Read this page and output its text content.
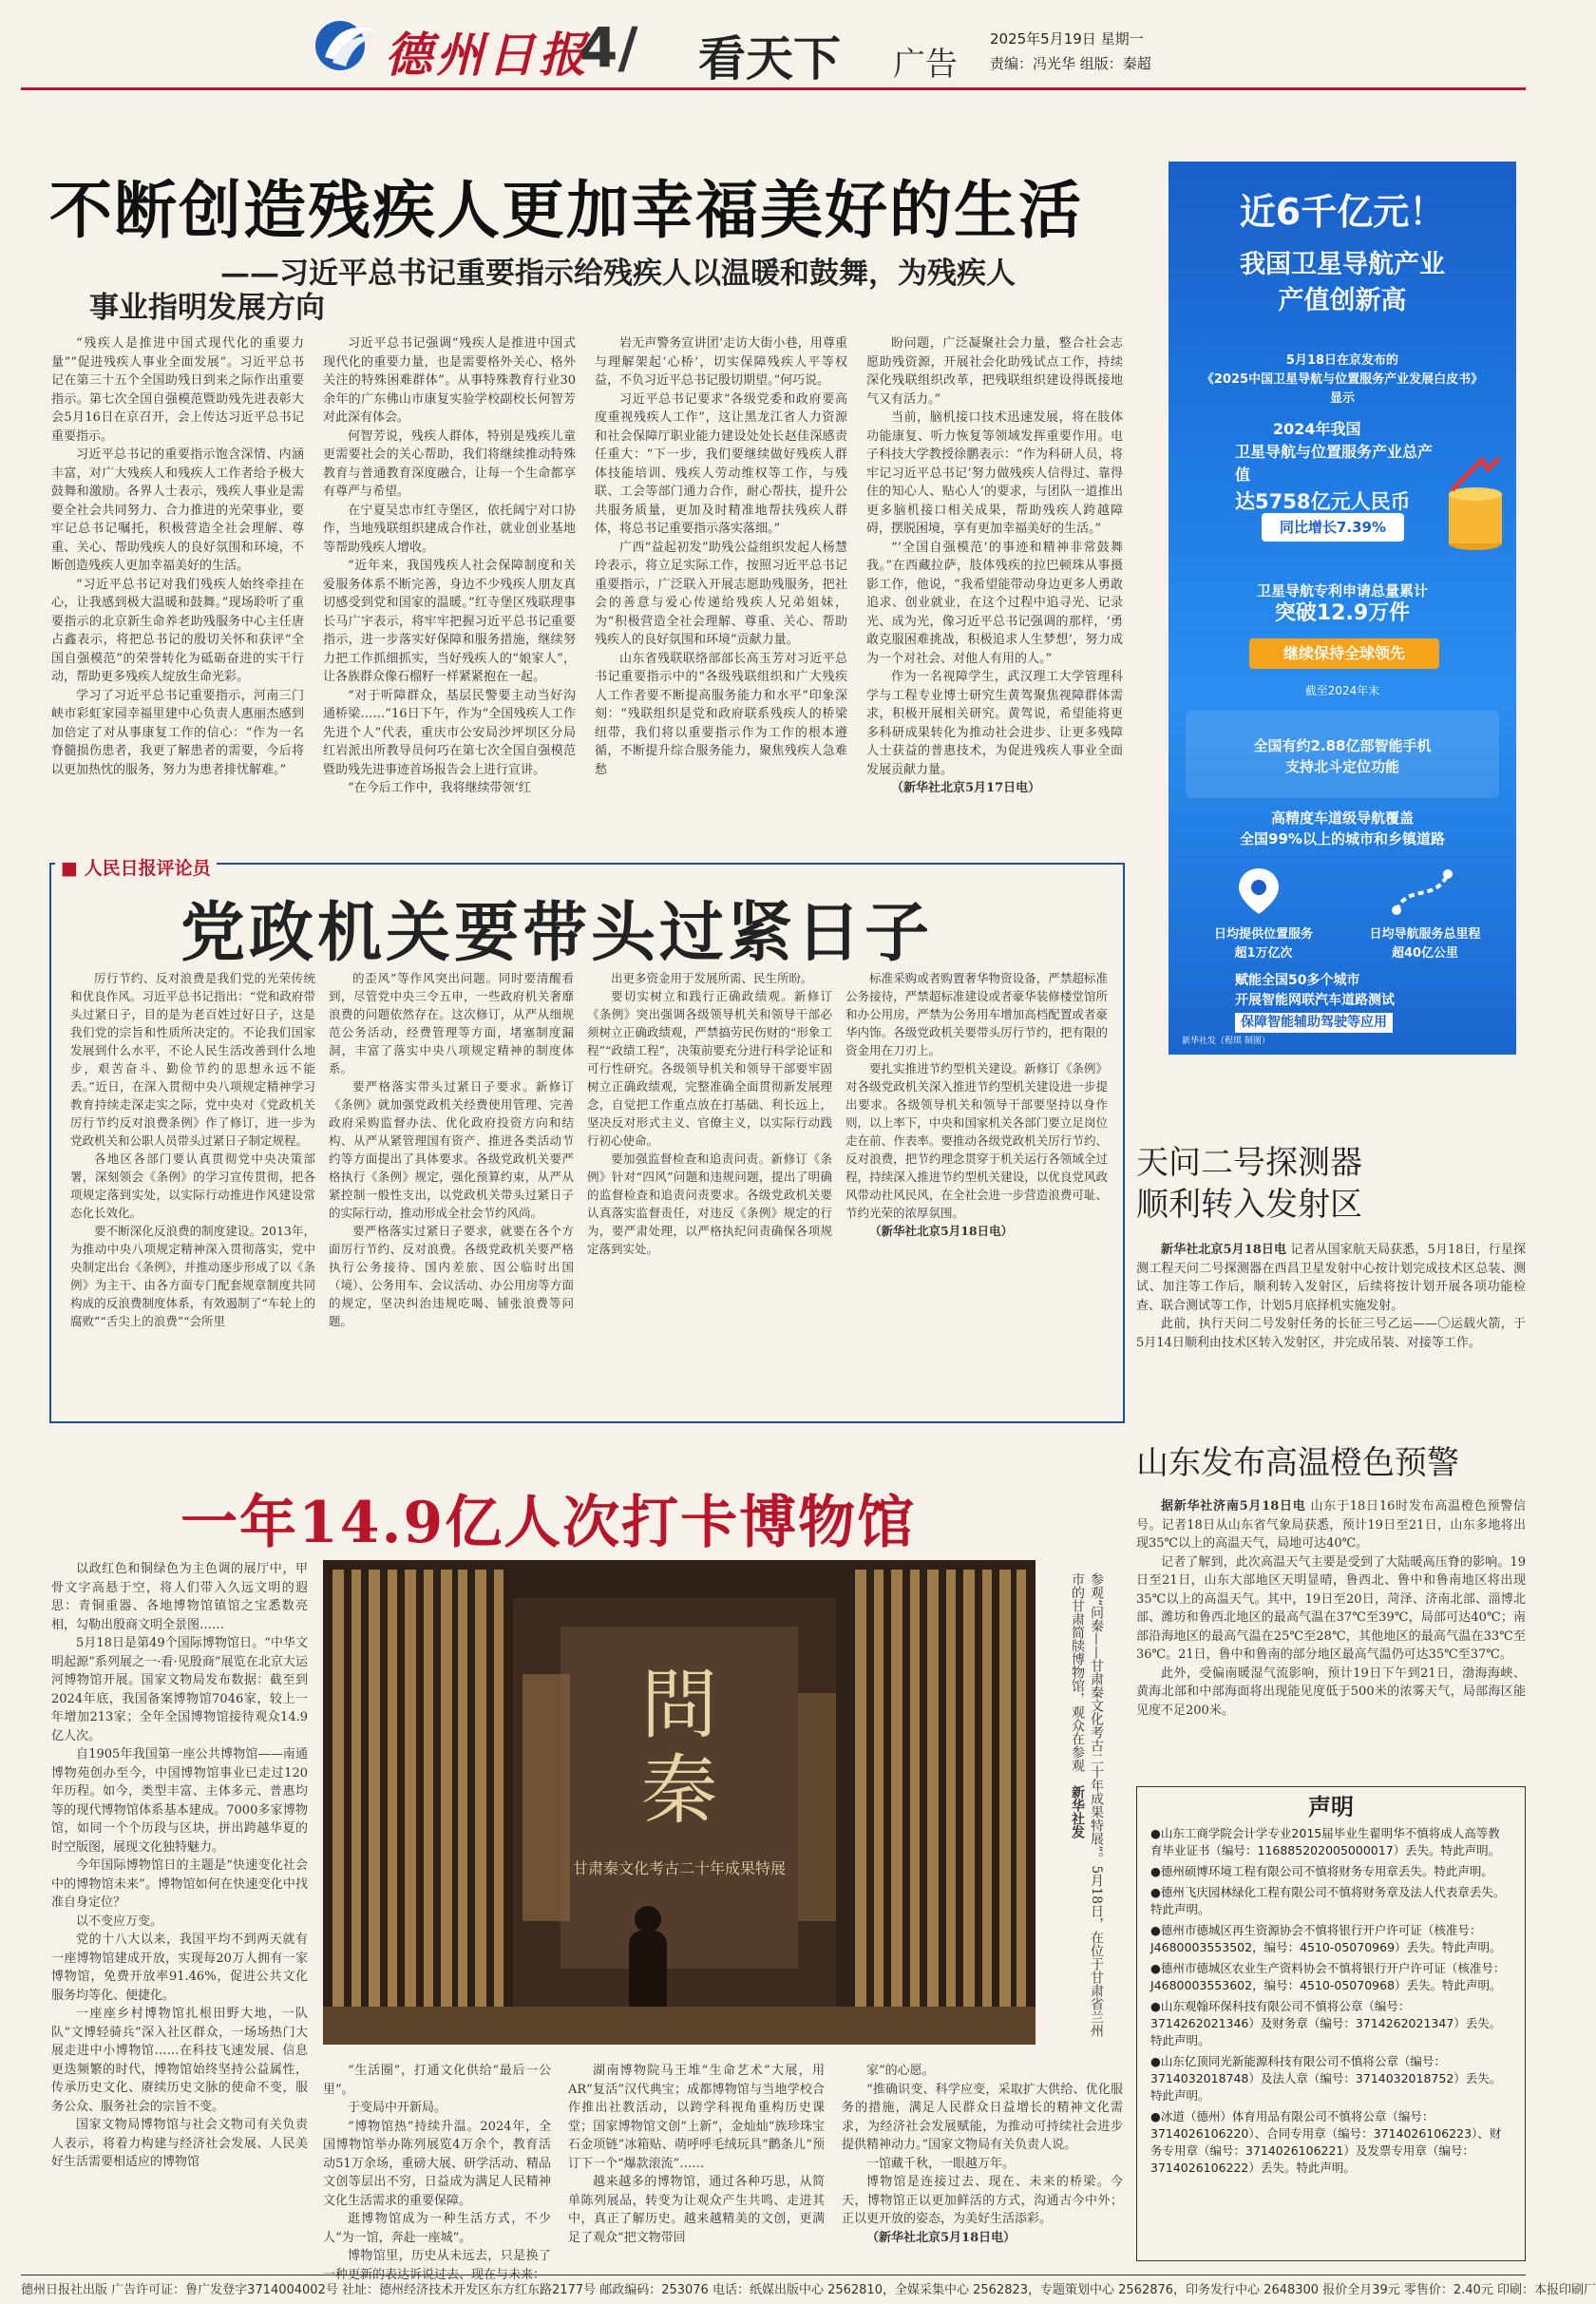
德州日报
4/ 看天下 广告
2025年5月19日 星期一
责编：冯光华 组版：秦超
不断创造残疾人更加幸福美好的生活
——习近平总书记重要指示给残疾人以温暖和鼓舞，为残疾人
事业指明发展方向

“残疾人是推进中国式现代化的重要力量”“促进残疾人事业全面发展”。习近平总书记在第三十五个全国助残日到来之际作出重要指示。第七次全国自强模范暨助残先进表彰大会5月16日在京召开，会上传达习近平总书记重要指示。

习近平总书记的重要指示饱含深情、内涵丰富，对广大残疾人和残疾人工作者给予极大鼓舞和激励。各界人士表示，残疾人事业是需要全社会共同努力、合力推进的光荣事业，要牢记总书记嘱托，积极营造全社会理解、尊重、关心、帮助残疾人的良好氛围和环境，不断创造残疾人更加幸福美好的生活。

“习近平总书记对我们残疾人始终牵挂在心，让我感到极大温暖和鼓舞。”现场聆听了重要指示的北京新生命养老助残服务中心主任唐占鑫表示，将把总书记的殷切关怀和获评“全国自强模范”的荣誉转化为砥砺奋进的实干行动，帮助更多残疾人绽放生命光彩。

学习了习近平总书记重要指示，河南三门峡市彩虹家园幸福里建中心负责人惠丽杰感到加倍定了对从事康复工作的信心：“作为一名脊髓损伤患者，我更了解患者的需要，今后将以更加热忱的服务，努力为患者排忧解难。”

习近平总书记强调“残疾人是推进中国式现代化的重要力量，也是需要格外关心、格外关注的特殊困难群体”。从事特殊教育行业30余年的广东佛山市康复实验学校副校长何智芳对此深有体会。

何智芳说，残疾人群体，特别是残疾儿童更需要社会的关心帮助，我们将继续推动特殊教育与普通教育深度融合，让每一个生命都享有尊严与希望。

在宁夏吴忠市红寺堡区，依托阔宁对口协作，当地残联组织建成合作社，就业创业基地等帮助残疾人增收。

“近年来，我国残疾人社会保障制度和关爱服务体系不断完善，身边不少残疾人朋友真切感受到党和国家的温暖。”红寺堡区残联理事长马广宇表示，将牢牢把握习近平总书记重要指示，进一步落实好保障和服务措施，继续努力把工作抓细抓实，当好残疾人的“娘家人”，让各族群众像石榴籽一样紧紧抱在一起。

“对于听障群众，基层民警要主动当好沟通桥梁……”16日下午，作为“全国残疾人工作先进个人”代表，重庆市公安局沙坪坝区分局红岩派出所教导员何巧在第七次全国自强模范暨助残先进事迹首场报告会上进行宣讲。

“在今后工作中，我将继续带领‘红

岩无声警务宣讲团’走访大街小巷，用尊重与理解架起‘心桥’，切实保障残疾人平等权益，不负习近平总书记殷切期望。”何巧说。

习近平总书记要求“各级党委和政府要高度重视残疾人工作”，这让黑龙江省人力资源和社会保障厅职业能力建设处处长赵佳深感责任重大：“下一步，我们要继续做好残疾人群体技能培训、残疾人劳动维权等工作，与残联、工会等部门通力合作，耐心帮扶，提升公共服务质量，更加及时精准地帮扶残疾人群体，将总书记重要指示落实落细。”

广西“益起初发”助残公益组织发起人杨慧玲表示，将立足实际工作，按照习近平总书记重要指示，广泛联入开展志愿助残服务，把社会的善意与爱心传递给残疾人兄弟姐妹，为“积极营造全社会理解、尊重、关心、帮助残疾人的良好氛围和环境”贡献力量。

山东省残联联络部部长高玉芳对习近平总书记重要指示中的“各级残联组织和广大残疾人工作者要不断提高服务能力和水平”印象深刻：“残联组织是党和政府联系残疾人的桥梁纽带，我们将以重要指示作为工作的根本遵循，不断提升综合服务能力，聚焦残疾人急难愁

盼问题，广泛凝聚社会力量，整合社会志愿助残资源，开展社会化助残试点工作，持续深化残联组织改革，把残联组织建设得既接地气又有活力。”

当前，脑机接口技术迅速发展，将在肢体功能康复、听力恢复等领域发挥重要作用。电子科技大学教授徐鹏表示：“作为科研人员，将牢记习近平总书记‘努力做残疾人信得过、靠得住的知心人、贴心人’的要求，与团队一道推出更多脑机接口相关成果，帮助残疾人跨越障碍，摆脱困境，享有更加幸福美好的生活。”

“‘全国自强模范’的事迹和精神非常鼓舞我。”在西藏拉萨，肢体残疾的拉巴顿珠从事摄影工作，他说，“我希望能带动身边更多人勇敢追求、创业就业，在这个过程中追寻光、记录光、成为光，像习近平总书记强调的那样，‘勇敢克服困难挑战，积极追求人生梦想’，努力成为一个对社会、对他人有用的人。”

作为一名视障学生，武汉理工大学管理科学与工程专业博士研究生黄驾聚焦视障群体需求，积极开展相关研究。黄驾说，希望能将更多科研成果转化为推动社会进步、让更多残障人士获益的普惠技术，为促进残疾人事业全面发展贡献力量。

（新华社北京5月17日电）

■ 人民日报评论员
党政机关要带头过紧日子

厉行节约、反对浪费是我们党的光荣传统和优良作风。习近平总书记指出：“党和政府带头过紧日子，目的是为老百姓过好日子，这是我们党的宗旨和性质所决定的。不论我们国家发展到什么水平，不论人民生活改善到什么地步，艰苦奋斗、勤俭节约的思想永远不能丢。”近日，在深入贯彻中央八项规定精神学习教育持续走深走实之际，党中央对《党政机关厉行节约反对浪费条例》作了修订，进一步为党政机关和公职人员带头过紧日子制定规程。

各地区各部门要认真贯彻党中央决策部署，深刻领会《条例》的学习宣传贯彻，把各项规定落到实处，以实际行动推进作风建设常态化长效化。

要不断深化反浪费的制度建设。2013年，为推动中央八项规定精神深入贯彻落实，党中央制定出台《条例》，并推动逐步形成了以《条例》为主干、由各方面专门配套规章制度共同构成的反浪费制度体系，有效遏制了“车轮上的腐败”“舌尖上的浪费”“会所里

的歪风”等作风突出问题。同时要清醒看到，尽管党中央三令五申，一些政府机关奢靡浪费的问题依然存在。这次修订，从严从细规范公务活动，经费管理等方面，堵塞制度漏洞，丰富了落实中央八项规定精神的制度体系。

要严格落实带头过紧日子要求。新修订《条例》就加强党政机关经费使用管理、完善政府采购监督办法、优化政府投资方向和结构、从严从紧管理国有资产、推进各类活动节约等方面提出了具体要求。各级党政机关要严格执行《条例》规定，强化预算约束，从严从紧控制一般性支出，以党政机关带头过紧日子的实际行动，推动形成全社会节约风尚。

要严格落实过紧日子要求，就要在各个方面厉行节约、反对浪费。各级党政机关要严格执行公务接待、国内差旅、因公临时出国（境）、公务用车、会议活动、办公用房等方面的规定，坚决纠治违规吃喝、铺张浪费等问题。

出更多资金用于发展所需、民生所盼。

要切实树立和践行正确政绩观。新修订《条例》突出强调各级领导机关和领导干部必须树立正确政绩观，严禁搞劳民伤财的“形象工程”“政绩工程”，决策前要充分进行科学论证和可行性研究。各级领导机关和领导干部要牢固树立正确政绩观，完整准确全面贯彻新发展理念，自觉把工作重点放在打基础、利长远上，坚决反对形式主义、官僚主义，以实际行动践行初心使命。

要加强监督检查和追责问责。新修订《条例》针对“四风”问题和违规问题，提出了明确的监督检查和追责问责要求。各级党政机关要认真落实监督责任，对违反《条例》规定的行为，要严肃处理，以严格执纪问责确保各项规定落到实处。

标准采购或者购置奢华物资设备，严禁超标准公务接待，严禁超标准建设或者豪华装修楼堂馆所和办公用房，严禁为公务用车增加高档配置或者豪华内饰。各级党政机关要带头厉行节约，把有限的资金用在刀刃上。

要扎实推进节约型机关建设。新修订《条例》对各级党政机关深入推进节约型机关建设进一步提出要求。各级领导机关和领导干部要坚持以身作则，以上率下，中央和国家机关各部门要立足岗位走在前、作表率。要推动各级党政机关厉行节约、反对浪费，把节约理念贯穿于机关运行各领域全过程，持续深入推进节约型机关建设，以优良党风政风带动社风民风，在全社会进一步营造浪费可耻、节约光荣的浓厚氛围。

（新华社北京5月18日电）

一年14.9亿人次打卡博物馆

以政红色和铜绿色为主色调的展厅中，甲骨文字高悬于空，将人们带入久远文明的遐思：青铜重器、各地博物馆镇馆之宝悉数亮相，勾勒出殷商文明全景图……

5月18日是第49个国际博物馆日。“中华文明起源”系列展之一·看·见殷商”展览在北京大运河博物馆开展。国家文物局发布数据：截至到2024年底，我国备案博物馆7046家，较上一年增加213家；全年全国博物馆接待观众14.9亿人次。

自1905年我国第一座公共博物馆——南通博物苑创办至今，中国博物馆事业已走过120年历程。如今，类型丰富、主体多元、普惠均等的现代博物馆体系基本建成。7000多家博物馆，如同一个个历段与区块，拼出跨越华夏的时空版图，展现文化独特魅力。

今年国际博物馆日的主题是“快速变化社会中的博物馆未来”。博物馆如何在快速变化中找准自身定位？

以不变应万变。

党的十八大以来，我国平均不到两天就有一座博物馆建成开放，实现每20万人拥有一家博物馆，免费开放率91.46%，促进公共文化服务均等化、便捷化。

一座座乡村博物馆扎根田野大地，一队队“文博轻骑兵”深入社区群众，一场场热门大展走进中小博物馆……在科技飞速发展、信息更迭频繁的时代，博物馆始终坚持公益属性，传承历史文化、赓续历史文脉的使命不变，服务公众、服务社会的宗旨不变。

国家文物局博物馆与社会文物司有关负责人表示，将着力构建与经济社会发展、人民美好生活需要相适应的博物馆

問
秦
甘肃秦文化考古二十年成果特展	参观“问秦——甘肃秦文化考古二十年成果特展”。5月18日，在位于甘肃省兰州市的甘肃简牍博物馆，观众在参观　新华社发

“生活圈”，打通文化供给“最后一公里”。

于变局中开新局。

“博物馆热”持续升温。2024年，全国博物馆举办陈列展览4万余个，教育活动51万余场，重磅大展、研学活动、精品文创等层出不穷，日益成为满足人民精神文化生活需求的重要保障。

逛博物馆成为一种生活方式，不少人“为一馆，奔赴一座城”。

博物馆里，历史从未远去，只是换了一种更新的表达诉说过去、现在与未来：

湖南博物院马王堆“生命艺术”大展，用AR“复活”汉代典宝；成都博物馆与当地学校合作推出社教活动，以跨学科视角重构历史课堂；国家博物馆文创“上新”，金灿灿“族珍珠宝石金项链”冰箱贴、萌呼呼毛绒玩具“鹳条儿”预订下一个“爆款滚流”……

越来越多的博物馆，通过各种巧思，从简单陈列展品，转变为让观众产生共鸣、走进其中，真正了解历史。越来越精美的文创，更满足了观众“把文物带回

家”的心愿。

“推确识变、科学应变，采取扩大供给、优化服务的措施，满足人民群众日益增长的精神文化需求，为经济社会发展赋能，为推动可持续社会进步提供精神动力。”国家文物局有关负责人说。

一馆藏千秋，一眼越万年。

博物馆是连接过去、现在、未来的桥梁。今天，博物馆正以更加鲜活的方式，沟通古今中外；正以更开放的姿态，为美好生活添彩。

（新华社北京5月18日电）

近6千亿元！
我国卫星导航产业
产值创新高
5月18日在京发布的
《2025中国卫星导航与位置服务产业发展白皮书》
显示
2024年我国
卫星导航与位置服务产业总产值
达5758亿元人民币
同比增长7.39%
卫星导航专利申请总量累计
突破12.9万件
继续保持全球领先
截至2024年末
全国有约2.88亿部智能手机
支持北斗定位功能
高精度车道级导航覆盖
全国99%以上的城市和乡镇道路
日均提供位置服务
超1万亿次
日均导航服务总里程
超40亿公里
赋能全国50多个城市
开展智能网联汽车道路测试
保障智能辅助驾驶等应用
新华社发（程琪 制图）
天问二号探测器
顺利转入发射区

新华社北京5月18日电 记者从国家航天局获悉，5月18日，行星探测工程天问二号探测器在西昌卫星发射中心按计划完成技术区总装、测试、加注等工作后，顺利转入发射区，后续将按计划开展各项功能检查、联合测试等工作，计划5月底择机实施发射。

此前，执行天问二号发射任务的长征三号乙运——〇运载火箭，于5月14日顺利由技术区转入发射区，并完成吊装、对接等工作。

山东发布高温橙色预警

据新华社济南5月18日电 山东于18日16时发布高温橙色预警信号。记者18日从山东省气象局获悉，预计19日至21日，山东多地将出现35℃以上的高温天气，局地可达40℃。

记者了解到，此次高温天气主要是受到了大陆暖高压脊的影响。19日至21日，山东大部地区天明显晴，鲁西北、鲁中和鲁南地区将出现35℃以上的高温天气。其中，19日至20日，菏泽、济南北部、淄博北部、潍坊和鲁西北地区的最高气温在37℃至39℃，局部可达40℃；南部沿海地区的最高气温在25℃至28℃，其他地区的最高气温在33℃至36℃。21日，鲁中和鲁南的部分地区最高气温仍可达35℃至37℃。

此外，受偏南暖湿气流影响，预计19日下午到21日，渤海海峡、黄海北部和中部海面将出现能见度低于500米的浓雾天气，局部海区能见度不足200米。

声明
●山东工商学院会计学专业2015届毕业生翟明华不慎将成人高等教育毕业证书（编号：116885202005000017）丢失。特此声明。
●德州硕博环境工程有限公司不慎将财务专用章丢失。特此声明。
●德州飞庆园林绿化工程有限公司不慎将财务章及法人代表章丢失。特此声明。
●德州市德城区再生资源协会不慎将银行开户许可证（核准号：J4680003553502，编号：4510-05070969）丢失。特此声明。
●德州市德城区农业生产资料协会不慎将银行开户许可证（核准号：J4680003553602，编号：4510-05070968）丢失。特此声明。
●山东观翰环保科技有限公司不慎将公章（编号：3714262021346）及财务章（编号：3714262021347）丢失。特此声明。
●山东亿顶同光新能源科技有限公司不慎将公章（编号：3714032018748）及法人章（编号：3714032018752）丢失。特此声明。
●冰道（德州）体育用品有限公司不慎将公章（编号：3714026106220）、合同专用章（编号：3714026106223）、财务专用章（编号：3714026106221）及发票专用章（编号：3714026106222）丢失。特此声明。
德州日报社出版 广告许可证：鲁广发登字371400400​2号 社址：德州经济技术开发区东方红东路2177号 邮政编码：253076 电话：纸媒出版中心 2562810，全媒采集中心 2562823，专题策划中心 2562876，印务发行中心 2648300 报价全月39元 零售价：2.40元 印刷：本报印刷厂
